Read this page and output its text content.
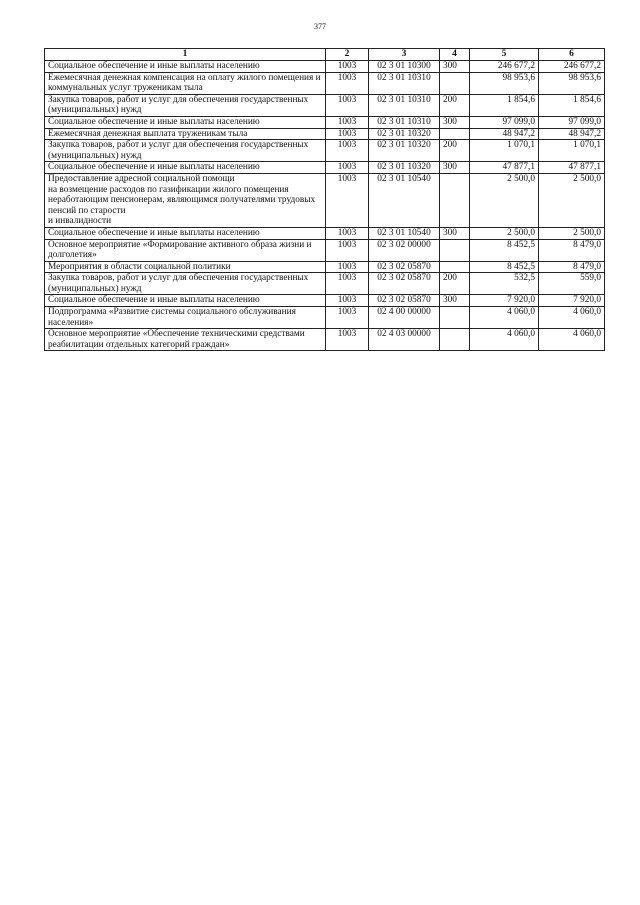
377
1	2	3	4	5	6
Социальное обеспечение и иные выплаты населению	1003	02 3 01 10300	300	246 677,2	246 677,2
Ежемесячная денежная компенсация на оплату жилого помещения и коммунальных услуг труженикам тыла	1003	02 3 01 10310		98 953,6	98 953,6
Закупка товаров, работ и услуг для обеспечения государственных (муниципальных) нужд	1003	02 3 01 10310	200	1 854,6	1 854,6
Социальное обеспечение и иные выплаты населению	1003	02 3 01 10310	300	97 099,0	97 099,0
Ежемесячная денежная выплата труженикам тыла	1003	02 3 01 10320		48 947,2	48 947,2
Закупка товаров, работ и услуг для обеспечения государственных (муниципальных) нужд	1003	02 3 01 10320	200	1 070,1	1 070,1
Социальное обеспечение и иные выплаты населению	1003	02 3 01 10320	300	47 877,1	47 877,1
Предоставление адресной социальной помощи
на возмещение расходов по газификации жилого помещения неработающим пенсионерам, являющимся получателями трудовых пенсий по старости
и инвалидности	1003	02 3 01 10540		2 500,0	2 500,0
Социальное обеспечение и иные выплаты населению	1003	02 3 01 10540	300	2 500,0	2 500,0
Основное мероприятие «Формирование активного образа жизни и долголетия»	1003	02 3 02 00000		8 452,5	8 479,0
Мероприятия в области социальной политики	1003	02 3 02 05870		8 452,5	8 479,0
Закупка товаров, работ и услуг для обеспечения государственных (муниципальных) нужд	1003	02 3 02 05870	200	532,5	559,0
Социальное обеспечение и иные выплаты населению	1003	02 3 02 05870	300	7 920,0	7 920,0
Подпрограмма «Развитие системы социального обслуживания населения»	1003	02 4 00 00000		4 060,0	4 060,0
Основное мероприятие «Обеспечение техническими средствами реабилитации отдельных категорий граждан»	1003	02 4 03 00000		4 060,0	4 060,0
